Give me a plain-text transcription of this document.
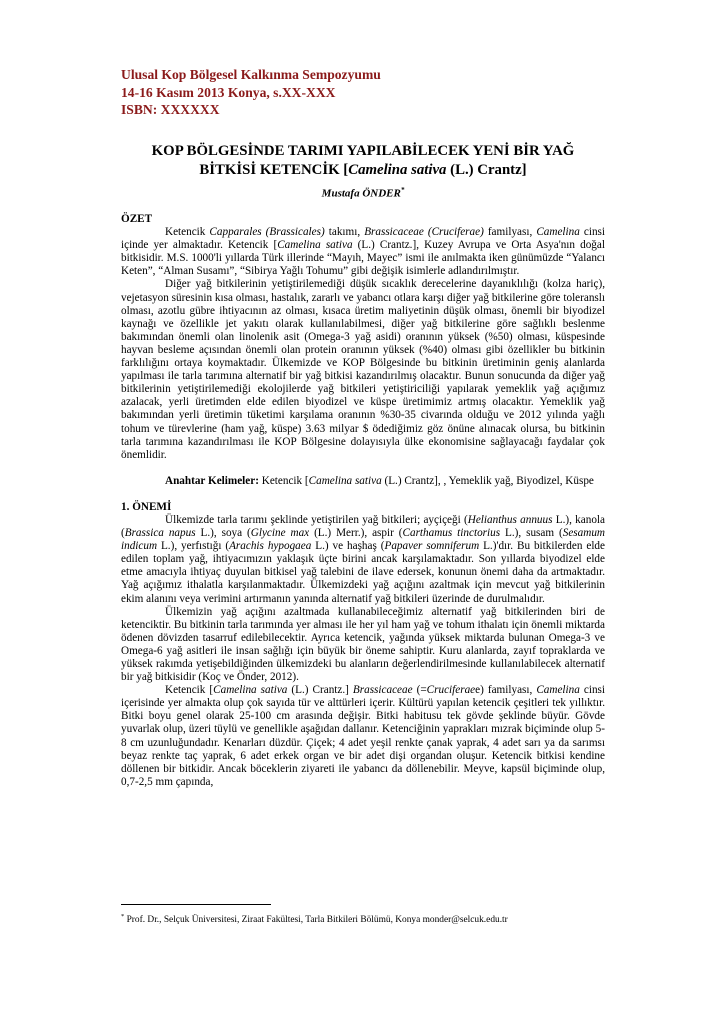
Ulusal Kop Bölgesel Kalkınma Sempozyumu
14-16 Kasım 2013 Konya, s.XX-XXX
ISBN: XXXXXX
KOP BÖLGESİNDE TARIMI YAPILABİLECEK YENİ BİR YAĞ
BİTKİSİ KETENCİK [Camelina sativa (L.) Crantz]
Mustafa ÖNDER*
ÖZET

Ketencik Capparales (Brassicales) takımı, Brassicaceae (Cruciferae) familyası, Camelina cinsi içinde yer almaktadır. Ketencik [Camelina sativa (L.) Crantz.], Kuzey Avrupa ve Orta Asya'nın doğal bitkisidir. M.S. 1000'li yıllarda Türk illerinde “Mayıh, Mayec” ismi ile anılmakta iken günümüzde “Yalancı Keten”, “Alman Susamı”, “Sibirya Yağlı Tohumu” gibi değişik isimlerle adlandırılmıştır.

Diğer yağ bitkilerinin yetiştirilemediği düşük sıcaklık derecelerine dayanıklılığı (kolza hariç), vejetasyon süresinin kısa olması, hastalık, zararlı ve yabancı otlara karşı diğer yağ bitkilerine göre toleranslı olması, azotlu gübre ihtiyacının az olması, kısaca üretim maliyetinin düşük olması, önemli bir biyodizel kaynağı ve özellikle jet yakıtı olarak kullanılabilmesi, diğer yağ bitkilerine göre sağlıklı beslenme bakımından önemli olan linolenik asit (Omega-3 yağ asidi) oranının yüksek (%50) olması, küspesinde hayvan besleme açısından önemli olan protein oranının yüksek (%40) olması gibi özellikler bu bitkinin farklılığını ortaya koymaktadır. Ülkemizde ve KOP Bölgesinde bu bitkinin üretiminin geniş alanlarda yapılması ile tarla tarımına alternatif bir yağ bitkisi kazandırılmış olacaktır. Bunun sonucunda da diğer yağ bitkilerinin yetiştirilemediği ekolojilerde yağ bitkileri yetiştiriciliği yapılarak yemeklik yağ açığımız azalacak, yerli üretimden elde edilen biyodizel ve küspe üretimimiz artmış olacaktır. Yemeklik yağ bakımından yerli üretimin tüketimi karşılama oranının %30-35 civarında olduğu ve 2012 yılında yağlı tohum ve türevlerine (ham yağ, küspe) 3.63 milyar $ ödediğimiz göz önüne alınacak olursa, bu bitkinin tarla tarımına kazandırılması ile KOP Bölgesine dolayısıyla ülke ekonomisine sağlayacağı faydalar çok önemlidir.

Anahtar Kelimeler: Ketencik [Camelina sativa (L.) Crantz], , Yemeklik yağ, Biyodizel, Küspe

1. ÖNEMİ

Ülkemizde tarla tarımı şeklinde yetiştirilen yağ bitkileri; ayçiçeği (Helianthus annuus L.), kanola (Brassica napus L.), soya (Glycine max (L.) Merr.), aspir (Carthamus tinctorius L.), susam (Sesamum indicum L.), yerfıstığı (Arachis hypogaea L.) ve haşhaş (Papaver somniferum L.)'dır. Bu bitkilerden elde edilen toplam yağ, ihtiyacımızın yaklaşık üçte birini ancak karşılamaktadır. Son yıllarda biyodizel elde etme amacıyla ihtiyaç duyulan bitkisel yağ talebini de ilave edersek, konunun önemi daha da artmaktadır. Yağ açığımız ithalatla karşılanmaktadır. Ülkemizdeki yağ açığını azaltmak için mevcut yağ bitkilerinin ekim alanını veya verimini artırmanın yanında alternatif yağ bitkileri üzerinde de durulmalıdır.

Ülkemizin yağ açığını azaltmada kullanabileceğimiz alternatif yağ bitkilerinden biri de ketenciktir. Bu bitkinin tarla tarımında yer alması ile her yıl ham yağ ve tohum ithalatı için önemli miktarda ödenen dövizden tasarruf edilebilecektir. Ayrıca ketencik, yağında yüksek miktarda bulunan Omega-3 ve Omega-6 yağ asitleri ile insan sağlığı için büyük bir öneme sahiptir. Kuru alanlarda, zayıf topraklarda ve yüksek rakımda yetişebildiğinden ülkemizdeki bu alanların değerlendirilmesinde kullanılabilecek alternatif bir yağ bitkisidir (Koç ve Önder, 2012).

Ketencik [Camelina sativa (L.) Crantz.] Brassicaceae (=Cruciferaee) familyası, Camelina cinsi içerisinde yer almakta olup çok sayıda tür ve alttürleri içerir. Kültürü yapılan ketencik çeşitleri tek yıllıktır. Bitki boyu genel olarak 25-100 cm arasında değişir. Bitki habitusu tek gövde şeklinde büyür. Gövde yuvarlak olup, üzeri tüylü ve genellikle aşağıdan dallanır. Ketenciğinin yaprakları mızrak biçiminde olup 5-8 cm uzunluğundadır. Kenarları düzdür. Çiçek; 4 adet yeşil renkte çanak yaprak, 4 adet sarı ya da sarımsı beyaz renkte taç yaprak, 6 adet erkek organ ve bir adet dişi organdan oluşur. Ketencik bitkisi kendine döllenen bir bitkidir. Ancak böceklerin ziyareti ile yabancı da döllenebilir. Meyve, kapsül biçiminde olup, 0,7-2,5 mm çapında,

* Prof. Dr., Selçuk Üniversitesi, Ziraat Fakültesi, Tarla Bitkileri Bölümü, Konya monder@selcuk.edu.tr
